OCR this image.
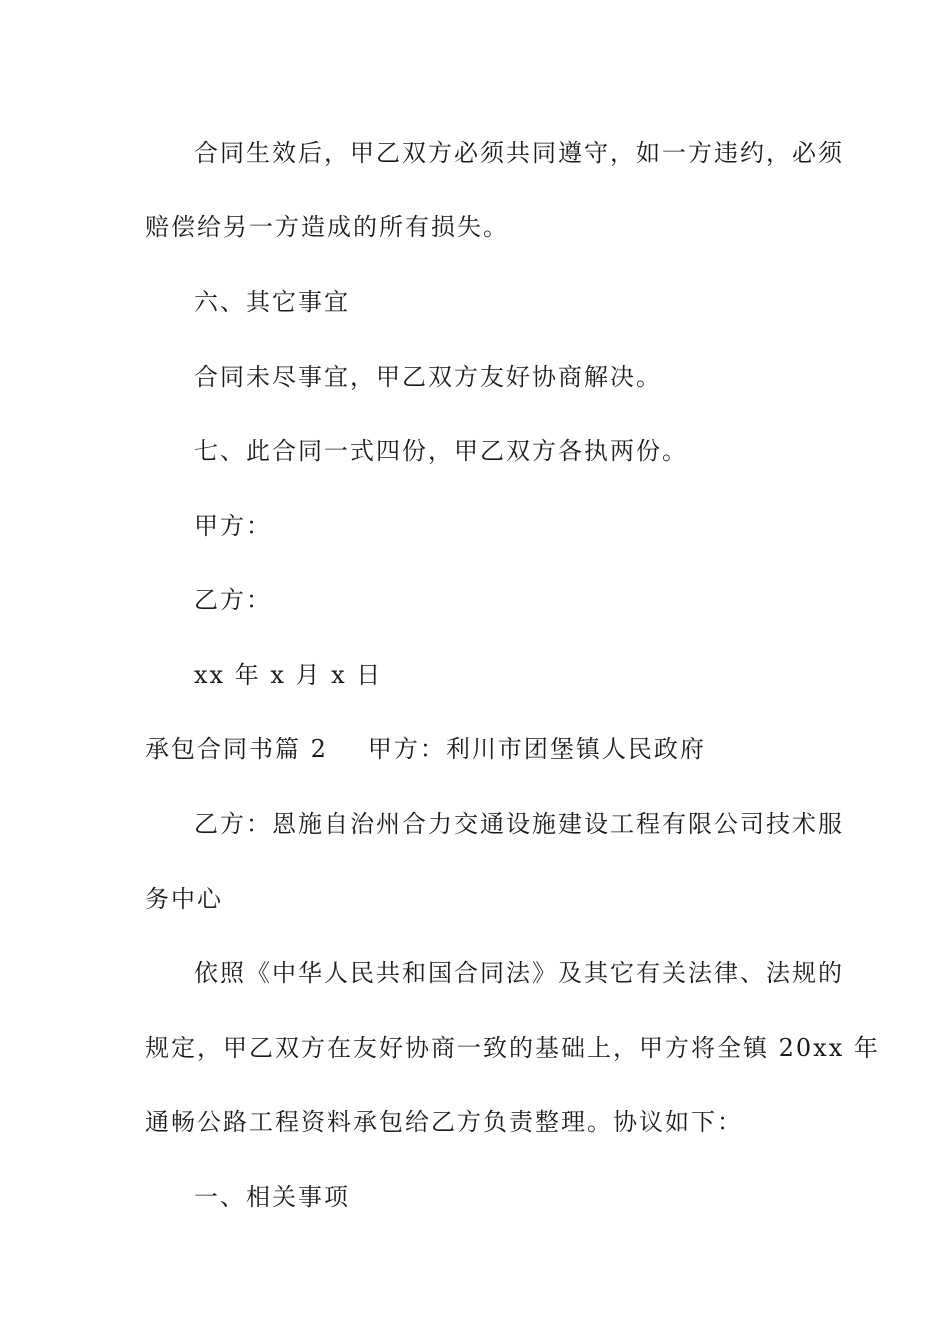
合同生效后，甲乙双方必须共同遵守，如一方违约，必须
赔偿给另一方造成的所有损失。
六、其它事宜
合同未尽事宜，甲乙双方友好协商解决。
七、此合同一式四份，甲乙双方各执两份。
甲方：
乙方：
xx 年 x 月 x 日
承包合同书篇 2 甲方：利川市团堡镇人民政府
乙方：恩施自治州合力交通设施建设工程有限公司技术服
务中心
依照《中华人民共和国合同法》及其它有关法律、法规的
规定，甲乙双方在友好协商一致的基础上，甲方将全镇 20xx 年
通畅公路工程资料承包给乙方负责整理。协议如下：
一、相关事项
